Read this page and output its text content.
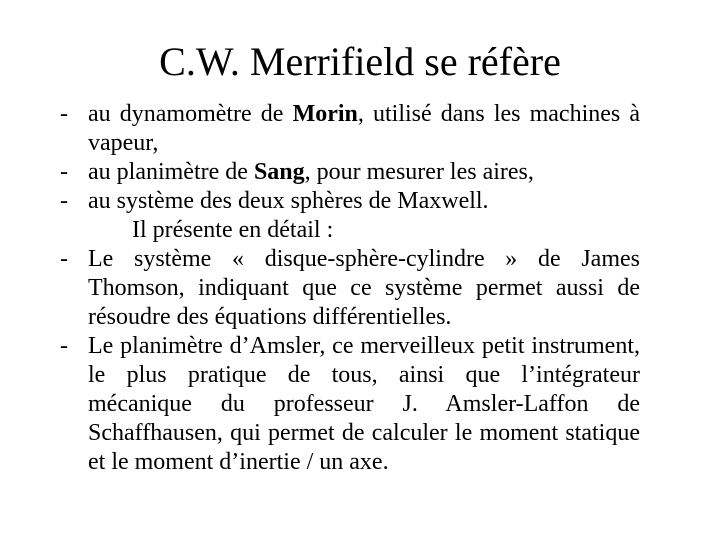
C.W. Merrifield se réfère
- au dynamomètre de Morin, utilisé dans les machines à vapeur,
- au planimètre de Sang, pour mesurer les aires,
- au système des deux sphères de Maxwell.
Il présente en détail :
- Le système « disque-sphère-cylindre » de James Thomson, indiquant que ce système permet aussi de résoudre des équations différentielles.
- Le planimètre d’Amsler, ce merveilleux petit instrument, le plus pratique de tous, ainsi que l’intégrateur mécanique du professeur J. Amsler-Laffon de Schaffhausen, qui permet de calculer le moment statique et le moment d’inertie / un axe.
